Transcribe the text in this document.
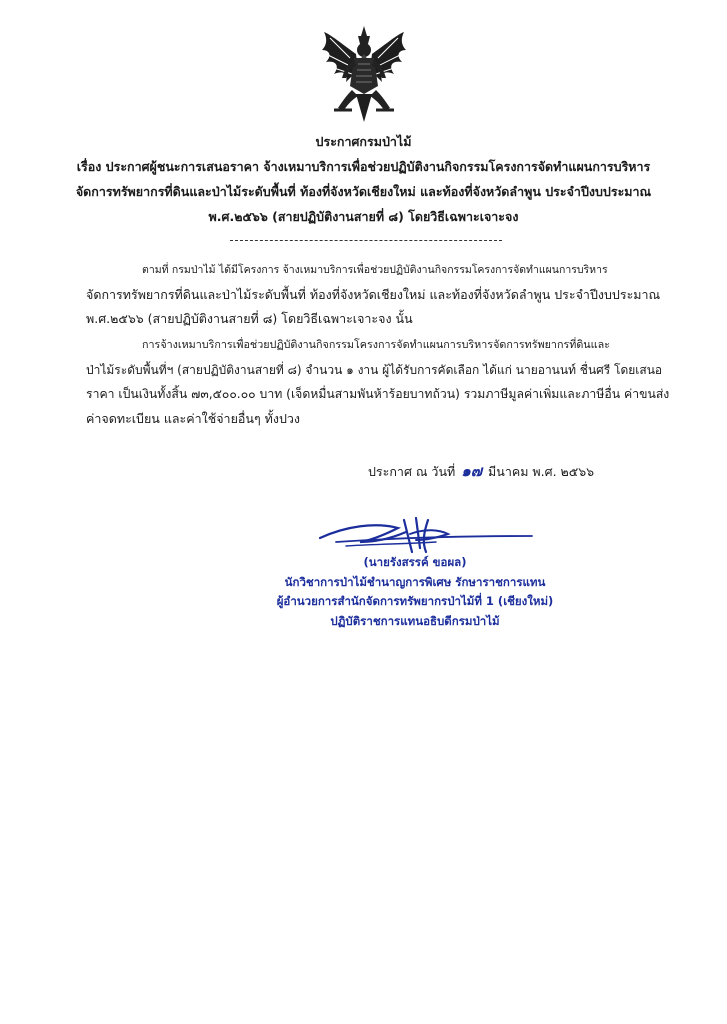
ประกาศกรมป่าไม้
เรื่อง ประกาศผู้ชนะการเสนอราคา จ้างเหมาบริการเพื่อช่วยปฏิบัติงานกิจกรรมโครงการจัดทำแผนการบริหาร
จัดการทรัพยากรที่ดินและป่าไม้ระดับพื้นที่ ท้องที่จังหวัดเชียงใหม่ และท้องที่จังหวัดลำพูน ประจำปีงบประมาณ
พ.ศ.๒๕๖๖ (สายปฏิบัติงานสายที่ ๘) โดยวิธีเฉพาะเจาะจง
ตามที่ กรมป่าไม้ ได้มีโครงการ จ้างเหมาบริการเพื่อช่วยปฏิบัติงานกิจกรรมโครงการจัดทำแผนการบริหาร
จัดการทรัพยากรที่ดินและป่าไม้ระดับพื้นที่ ท้องที่จังหวัดเชียงใหม่ และท้องที่จังหวัดลำพูน ประจำปีงบประมาณ
พ.ศ.๒๕๖๖ (สายปฏิบัติงานสายที่ ๘) โดยวิธีเฉพาะเจาะจง นั้น
การจ้างเหมาบริการเพื่อช่วยปฏิบัติงานกิจกรรมโครงการจัดทำแผนการบริหารจัดการทรัพยากรที่ดินและ
ป่าไม้ระดับพื้นที่ฯ (สายปฏิบัติงานสายที่ ๘) จำนวน ๑ งาน ผู้ได้รับการคัดเลือก ได้แก่ นายอานนท์ ชื่นศรี โดยเสนอ
ราคา เป็นเงินทั้งสิ้น ๗๓,๕๐๐.๐๐ บาท (เจ็ดหมื่นสามพันห้าร้อยบาทถ้วน) รวมภาษีมูลค่าเพิ่มและภาษีอื่น ค่าขนส่ง
ค่าจดทะเบียน และค่าใช้จ่ายอื่นๆ ทั้งปวง
ประกาศ ณ วันที่ ๑๗ มีนาคม พ.ศ. ๒๕๖๖
(นายรังสรรค์ ขอผล)
นักวิชาการป่าไม้ชำนาญการพิเศษ รักษาราชการแทน
ผู้อำนวยการสำนักจัดการทรัพยากรป่าไม้ที่ 1 (เชียงใหม่)
ปฏิบัติราชการแทนอธิบดีกรมป่าไม้
